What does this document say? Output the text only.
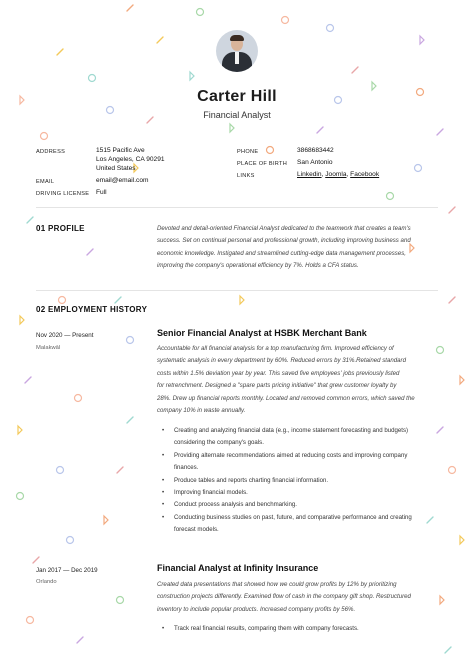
Carter Hill
Financial Analyst
ADDRESS	1515 Pacific Ave
Los Angeles, CA 90291
United States
EMAIL	email@email.com
DRIVING LICENSE Full
PHONE	3868683442
PLACE OF BIRTH San Antonio
LINKS	Linkedin, Joomla, Facebook
01 PROFILE	Devoted and detail-oriented Financial Analyst dedicated to the teamwork that creates a team's
success. Set on continual personal and professional growth, including improving business and
economic knowledge. Instigated and streamlined cutting-edge data management processes,
improving the company's operational efficiency by 7%. Holds a CFA status.
02 EMPLOYMENT HISTORY
Nov 2020 — Present
Malakwāl
Senior Financial Analyst at HSBK Merchant Bank
Accountable for all financial analysis for a top manufacturing firm. Improved efficiency of
systematic analysis in every department by 60%. Reduced errors by 31%.Retained standard
costs within 1.5% deviation year by year. This saved five employees' jobs previously listed
for retrenchment. Designed a "spare parts pricing initiative" that grew customer loyalty by
28%. Drew up financial reports monthly. Located and removed common errors, which saved the
company 10% in waste annually.
• Creating and analyzing financial data (e.g., income statement forecasting and budgets)
considering the company's goals.
• Providing alternate recommendations aimed at reducing costs and improving company
finances.
• Produce tables and reports charting financial information.
• Improving financial models.
• Conduct process analysis and benchmarking.
• Conducting business studies on past, future, and comparative performance and creating
forecast models.
Jan 2017 — Dec 2019
Orlando
Financial Analyst at Infinity Insurance
Created data presentations that showed how we could grow profits by 12% by prioritizing
construction projects differently. Examined flow of cash in the company gift shop. Restructured
inventory to include popular products. Increased company profits by 56%.
• Track real financial results, comparing them with company forecasts.
